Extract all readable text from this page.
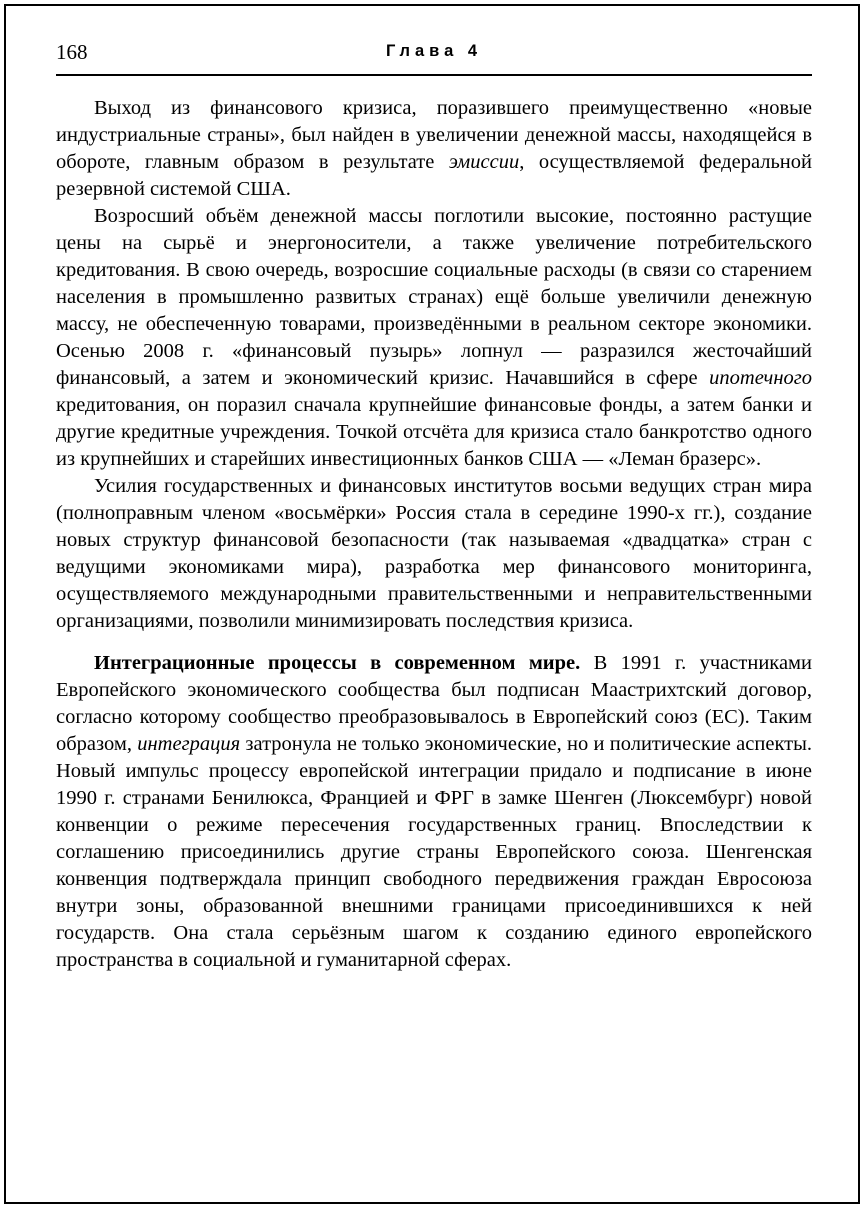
168	Глава 4

Выход из финансового кризиса, поразившего преимущественно «новые индустриальные страны», был найден в увеличении денежной массы, находящейся в обороте, главным образом в результате эмиссии, осуществляемой федеральной резервной системой США.

Возросший объём денежной массы поглотили высокие, постоянно растущие цены на сырьё и энергоносители, а также увеличение потребительского кредитования. В свою очередь, возросшие социальные расходы (в связи со старением населения в промышленно развитых странах) ещё больше увеличили денежную массу, не обеспеченную товарами, произведёнными в реальном секторе экономики. Осенью 2008 г. «финансовый пузырь» лопнул — разразился жесточайший финансовый, а затем и экономический кризис. Начавшийся в сфере ипотечного кредитования, он поразил сначала крупнейшие финансовые фонды, а затем банки и другие кредитные учреждения. Точкой отсчёта для кризиса стало банкротство одного из крупнейших и старейших инвестиционных банков США — «Леман бразерс».

Усилия государственных и финансовых институтов восьми ведущих стран мира (полноправным членом «восьмёрки» Россия стала в середине 1990-х гг.), создание новых структур финансовой безопасности (так называемая «двадцатка» стран с ведущими экономиками мира), разработка мер финансового мониторинга, осуществляемого международными правительственными и неправительственными организациями, позволили минимизировать последствия кризиса.

Интеграционные процессы в современном мире. В 1991 г. участниками Европейского экономического сообщества был подписан Маастрихтский договор, согласно которому сообщество преобразовывалось в Европейский союз (ЕС). Таким образом, интеграция затронула не только экономические, но и политические аспекты. Новый импульс процессу европейской интеграции придало и подписание в июне 1990 г. странами Бенилюкса, Францией и ФРГ в замке Шенген (Люксембург) новой конвенции о режиме пересечения государственных границ. Впоследствии к соглашению присоединились другие страны Европейского союза. Шенгенская конвенция подтверждала принцип свободного передвижения граждан Евросоюза внутри зоны, образованной внешними границами присоединившихся к ней государств. Она стала серьёзным шагом к созданию единого европейского пространства в социальной и гуманитарной сферах.
